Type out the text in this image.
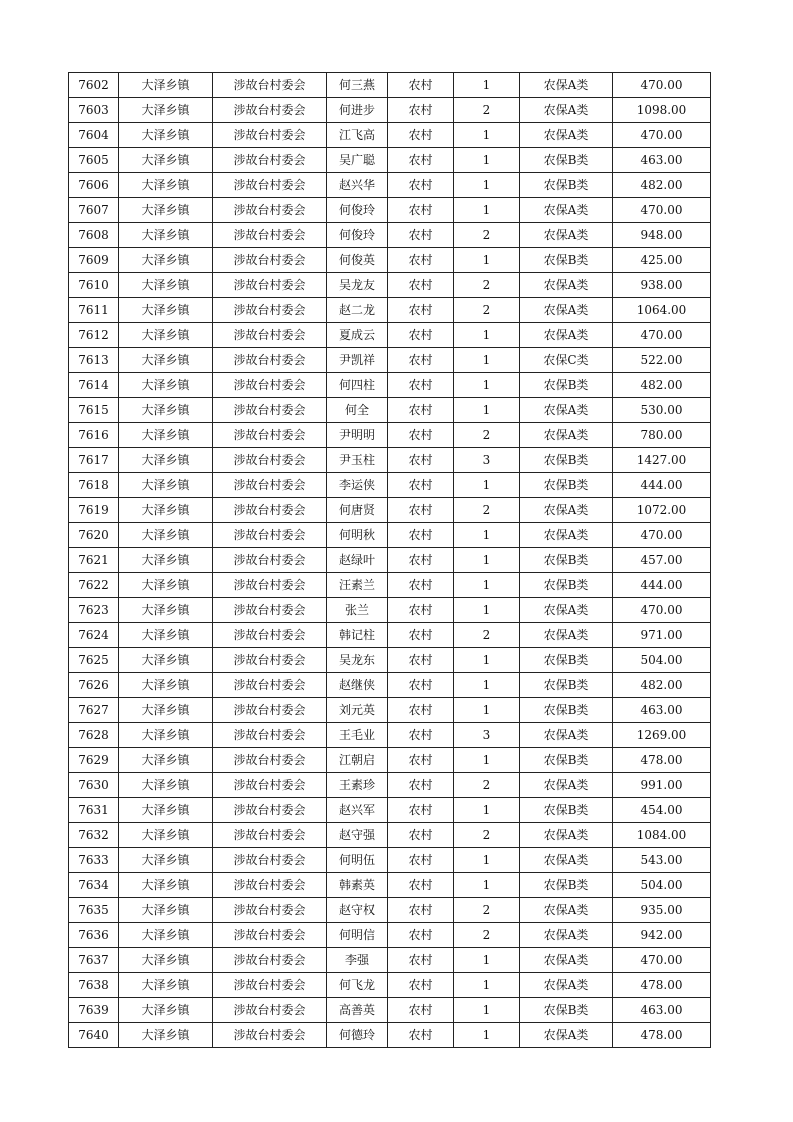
7602	大泽乡镇	涉故台村委会	何三燕	农村	1	农保A类	470.00
7603	大泽乡镇	涉故台村委会	何进步	农村	2	农保A类	1098.00
7604	大泽乡镇	涉故台村委会	江飞高	农村	1	农保A类	470.00
7605	大泽乡镇	涉故台村委会	吴广聪	农村	1	农保B类	463.00
7606	大泽乡镇	涉故台村委会	赵兴华	农村	1	农保B类	482.00
7607	大泽乡镇	涉故台村委会	何俊玲	农村	1	农保A类	470.00
7608	大泽乡镇	涉故台村委会	何俊玲	农村	2	农保A类	948.00
7609	大泽乡镇	涉故台村委会	何俊英	农村	1	农保B类	425.00
7610	大泽乡镇	涉故台村委会	吴龙友	农村	2	农保A类	938.00
7611	大泽乡镇	涉故台村委会	赵二龙	农村	2	农保A类	1064.00
7612	大泽乡镇	涉故台村委会	夏成云	农村	1	农保A类	470.00
7613	大泽乡镇	涉故台村委会	尹凯祥	农村	1	农保C类	522.00
7614	大泽乡镇	涉故台村委会	何四柱	农村	1	农保B类	482.00
7615	大泽乡镇	涉故台村委会	何全	农村	1	农保A类	530.00
7616	大泽乡镇	涉故台村委会	尹明明	农村	2	农保A类	780.00
7617	大泽乡镇	涉故台村委会	尹玉柱	农村	3	农保B类	1427.00
7618	大泽乡镇	涉故台村委会	李运侠	农村	1	农保B类	444.00
7619	大泽乡镇	涉故台村委会	何唐贤	农村	2	农保A类	1072.00
7620	大泽乡镇	涉故台村委会	何明秋	农村	1	农保A类	470.00
7621	大泽乡镇	涉故台村委会	赵绿叶	农村	1	农保B类	457.00
7622	大泽乡镇	涉故台村委会	汪素兰	农村	1	农保B类	444.00
7623	大泽乡镇	涉故台村委会	张兰	农村	1	农保A类	470.00
7624	大泽乡镇	涉故台村委会	韩记柱	农村	2	农保A类	971.00
7625	大泽乡镇	涉故台村委会	吴龙东	农村	1	农保B类	504.00
7626	大泽乡镇	涉故台村委会	赵继侠	农村	1	农保B类	482.00
7627	大泽乡镇	涉故台村委会	刘元英	农村	1	农保B类	463.00
7628	大泽乡镇	涉故台村委会	王毛业	农村	3	农保A类	1269.00
7629	大泽乡镇	涉故台村委会	江朝启	农村	1	农保B类	478.00
7630	大泽乡镇	涉故台村委会	王素珍	农村	2	农保A类	991.00
7631	大泽乡镇	涉故台村委会	赵兴军	农村	1	农保B类	454.00
7632	大泽乡镇	涉故台村委会	赵守强	农村	2	农保A类	1084.00
7633	大泽乡镇	涉故台村委会	何明伍	农村	1	农保A类	543.00
7634	大泽乡镇	涉故台村委会	韩素英	农村	1	农保B类	504.00
7635	大泽乡镇	涉故台村委会	赵守权	农村	2	农保A类	935.00
7636	大泽乡镇	涉故台村委会	何明信	农村	2	农保A类	942.00
7637	大泽乡镇	涉故台村委会	李强	农村	1	农保A类	470.00
7638	大泽乡镇	涉故台村委会	何飞龙	农村	1	农保A类	478.00
7639	大泽乡镇	涉故台村委会	高善英	农村	1	农保B类	463.00
7640	大泽乡镇	涉故台村委会	何德玲	农村	1	农保A类	478.00
